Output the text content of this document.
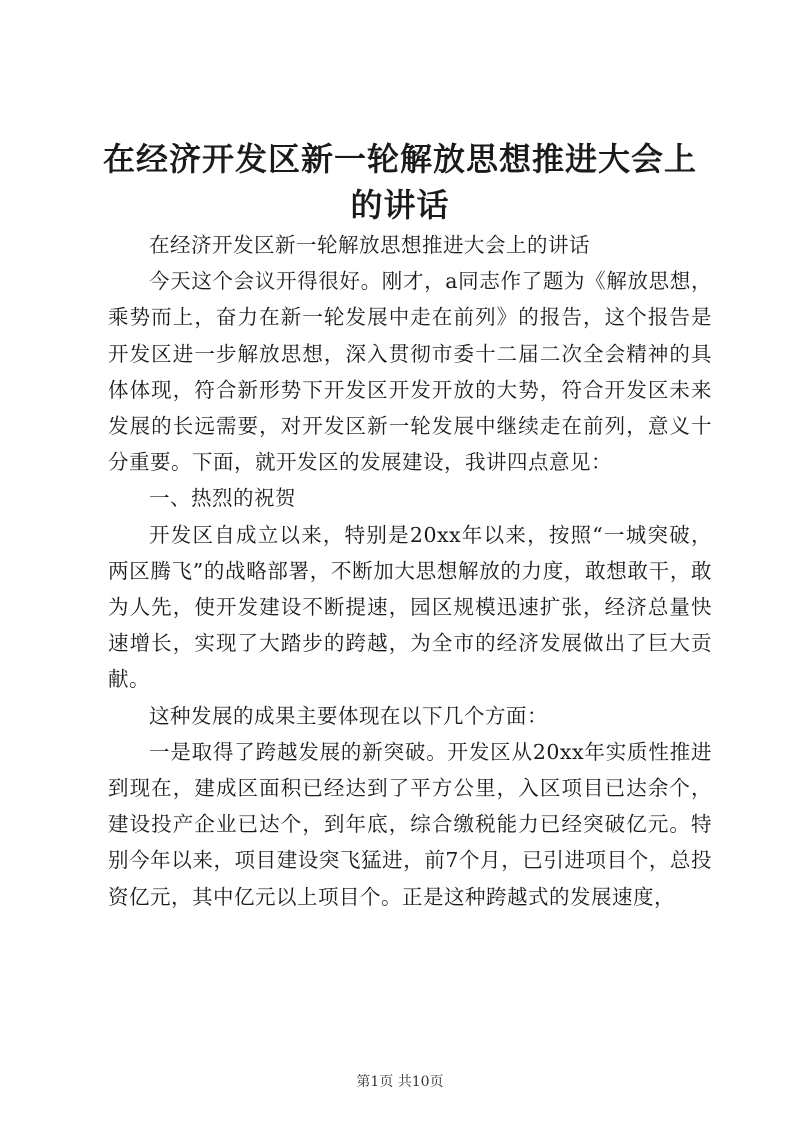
在经济开发区新一轮解放思想推进大会上的讲话

在经济开发区新一轮解放思想推进大会上的讲话

今天这个会议开得很好。刚才，a同志作了题为《解放思想，乘势而上，奋力在新一轮发展中走在前列》的报告，这个报告是开发区进一步解放思想，深入贯彻市委十二届二次全会精神的具体体现，符合新形势下开发区开发开放的大势，符合开发区未来发展的长远需要，对开发区新一轮发展中继续走在前列，意义十分重要。下面，就开发区的发展建设，我讲四点意见：

一、热烈的祝贺

开发区自成立以来，特别是20xx年以来，按照“一城突破，两区腾飞”的战略部署，不断加大思想解放的力度，敢想敢干，敢为人先，使开发建设不断提速，园区规模迅速扩张，经济总量快速增长，实现了大踏步的跨越，为全市的经济发展做出了巨大贡献。

这种发展的成果主要体现在以下几个方面：

一是取得了跨越发展的新突破。开发区从20xx年实质性推进到现在，建成区面积已经达到了平方公里，入区项目已达余个，建设投产企业已达个，到年底，综合缴税能力已经突破亿元。特别今年以来，项目建设突飞猛进，前7个月，已引进项目个，总投资亿元，其中亿元以上项目个。正是这种跨越式的发展速度，

第1页 共10页
